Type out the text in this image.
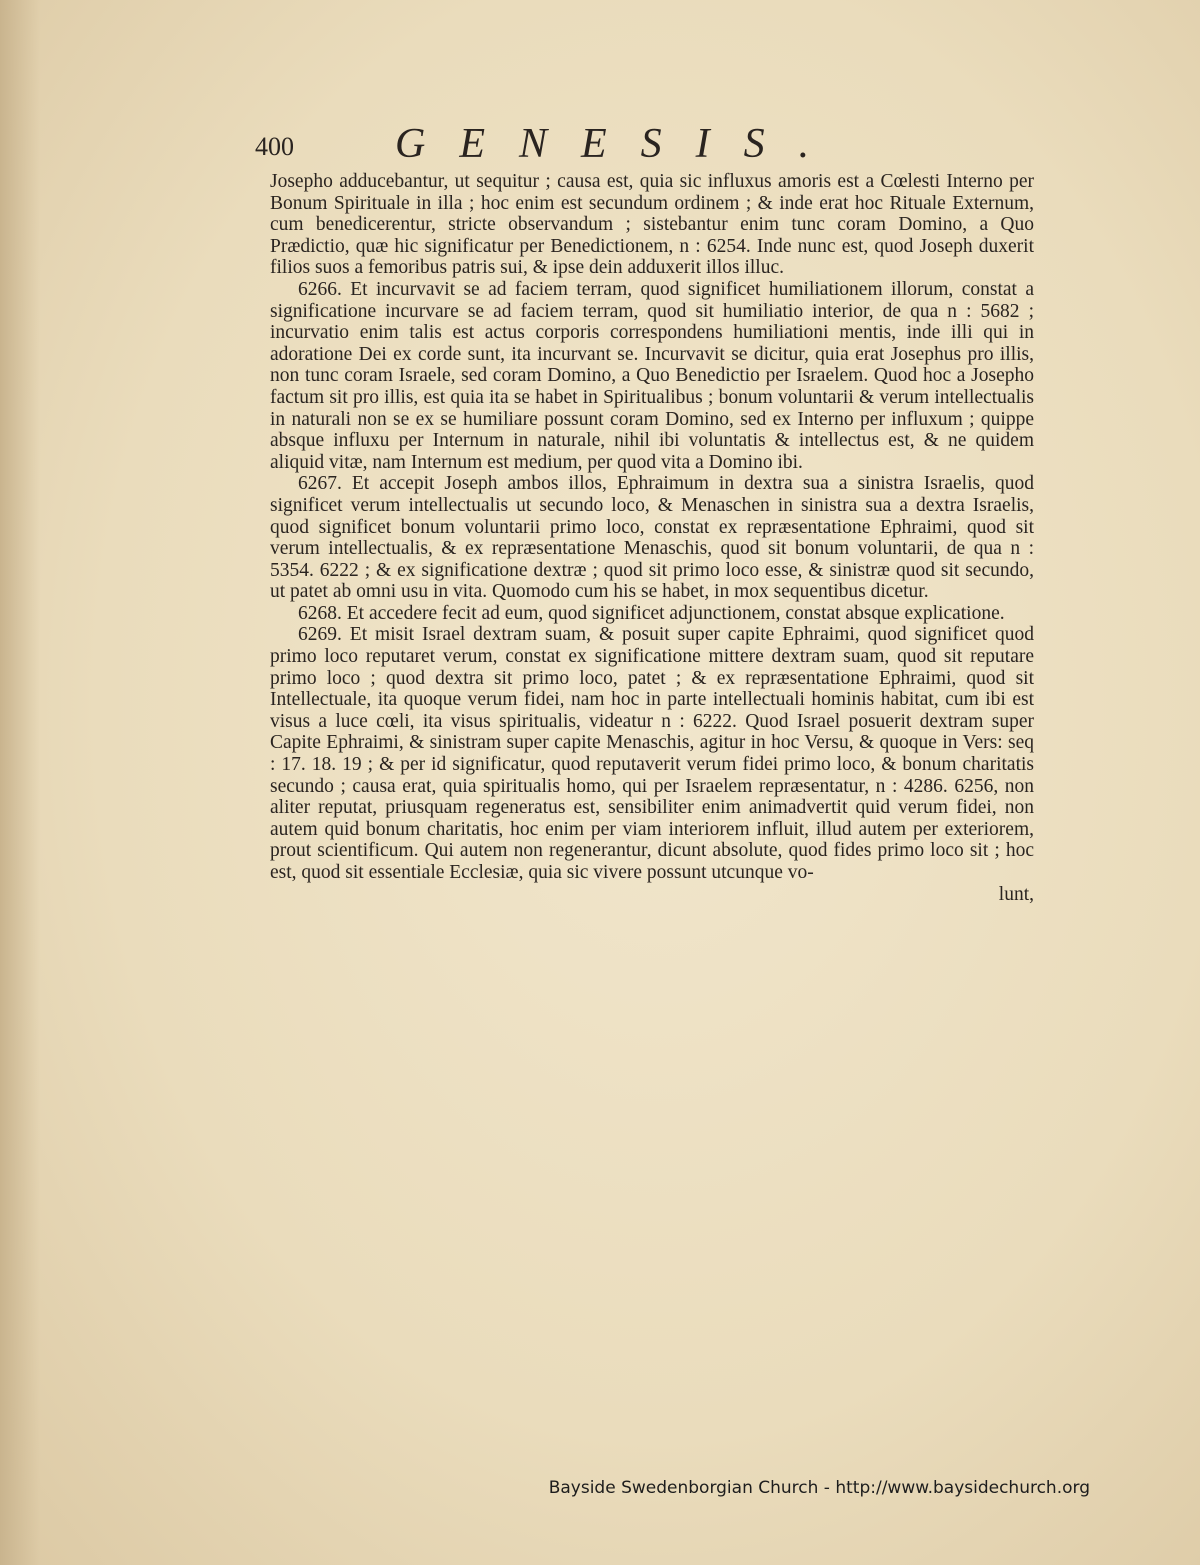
400 GENESIS.

Josepho adducebantur, ut sequitur ; causa est, quia sic influxus amoris est a Cœlesti Interno per Bonum Spirituale in illa ; hoc enim est secundum ordinem ; & inde erat hoc Rituale Externum, cum benedicerentur, stricte observandum ; sistebantur enim tunc coram Domino, a Quo Prædictio, quæ hic significatur per Benedictionem, n : 6254. Inde nunc est, quod Joseph duxerit filios suos a femoribus patris sui, & ipse dein adduxerit illos illuc.

6266. Et incurvavit se ad faciem terram, quod significet humiliationem illorum, constat a significatione incurvare se ad faciem terram, quod sit humiliatio interior, de qua n : 5682 ; incurvatio enim talis est actus corporis correspondens humiliationi mentis, inde illi qui in adoratione Dei ex corde sunt, ita incurvant se. Incurvavit se dicitur, quia erat Josephus pro illis, non tunc coram Israele, sed coram Domino, a Quo Benedictio per Israelem. Quod hoc a Josepho factum sit pro illis, est quia ita se habet in Spiritualibus ; bonum voluntarii & verum intellectualis in naturali non se ex se humiliare possunt coram Domino, sed ex Interno per influxum ; quippe absque influxu per Internum in naturale, nihil ibi voluntatis & intellectus est, & ne quidem aliquid vitæ, nam Internum est medium, per quod vita a Domino ibi.

6267. Et accepit Joseph ambos illos, Ephraimum in dextra sua a sinistra Israelis, quod significet verum intellectualis ut secundo loco, & Menaschen in sinistra sua a dextra Israelis, quod significet bonum voluntarii primo loco, constat ex repræsentatione Ephraimi, quod sit verum intellectualis, & ex repræsentatione Menaschis, quod sit bonum voluntarii, de qua n : 5354. 6222 ; & ex significatione dextræ ; quod sit primo loco esse, & sinistræ quod sit secundo, ut patet ab omni usu in vita. Quomodo cum his se habet, in mox sequentibus dicetur.

6268. Et accedere fecit ad eum, quod significet adjunctionem, constat absque explicatione.

6269. Et misit Israel dextram suam, & posuit super capite Ephraimi, quod significet quod primo loco reputaret verum, constat ex significatione mittere dextram suam, quod sit reputare primo loco ; quod dextra sit primo loco, patet ; & ex repræsentatione Ephraimi, quod sit Intellectuale, ita quoque verum fidei, nam hoc in parte intellectuali hominis habitat, cum ibi est visus a luce cœli, ita visus spiritualis, videatur n : 6222. Quod Israel posuerit dextram super Capite Ephraimi, & sinistram super capite Menaschis, agitur in hoc Versu, & quoque in Vers: seq : 17. 18. 19 ; & per id significatur, quod reputaverit verum fidei primo loco, & bonum charitatis secundo ; causa erat, quia spiritualis homo, qui per Israelem repræsentatur, n : 4286. 6256, non aliter reputat, priusquam regeneratus est, sensibiliter enim animadvertit quid verum fidei, non autem quid bonum charitatis, hoc enim per viam interiorem influit, illud autem per exteriorem, prout scientificum. Qui autem non regenerantur, dicunt absolute, quod fides primo loco sit ; hoc est, quod sit essentiale Ecclesiæ, quia sic vivere possunt utcunque vo-

lunt,

Bayside Swedenborgian Church - http://www.baysidechurch.org
